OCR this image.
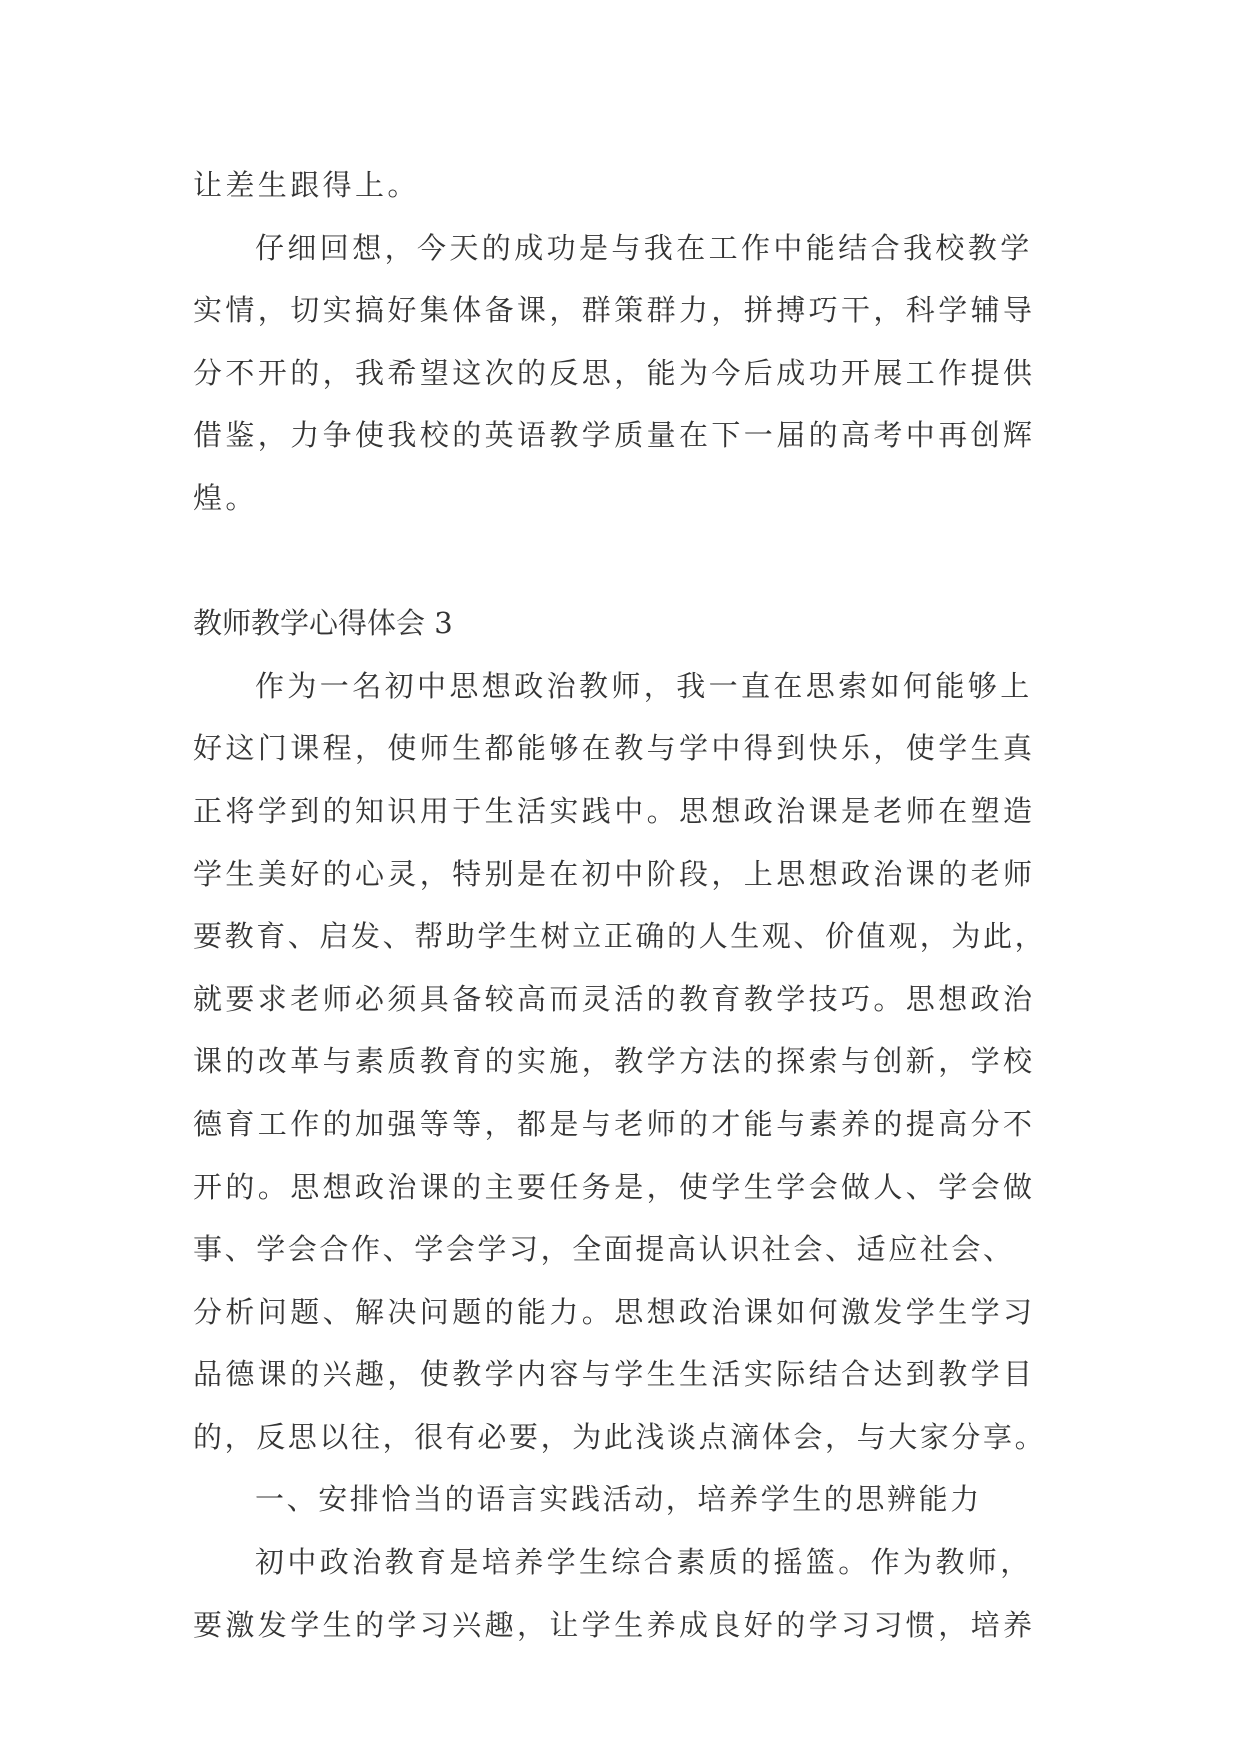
让差生跟得上。
仔细回想，今天的成功是与我在工作中能结合我校教学
实情，切实搞好集体备课，群策群力，拼搏巧干，科学辅导
分不开的，我希望这次的反思，能为今后成功开展工作提供
借鉴，力争使我校的英语教学质量在下一届的高考中再创辉
煌。
教师教学心得体会 3
作为一名初中思想政治教师，我一直在思索如何能够上
好这门课程，使师生都能够在教与学中得到快乐，使学生真
正将学到的知识用于生活实践中。思想政治课是老师在塑造
学生美好的心灵，特别是在初中阶段，上思想政治课的老师
要教育、启发、帮助学生树立正确的人生观、价值观，为此，
就要求老师必须具备较高而灵活的教育教学技巧。思想政治
课的改革与素质教育的实施，教学方法的探索与创新，学校
德育工作的加强等等，都是与老师的才能与素养的提高分不
开的。思想政治课的主要任务是，使学生学会做人、学会做
事、学会合作、学会学习，全面提高认识社会、适应社会、
分析问题、解决问题的能力。思想政治课如何激发学生学习
品德课的兴趣，使教学内容与学生生活实际结合达到教学目
的，反思以往，很有必要，为此浅谈点滴体会，与大家分享。
一、安排恰当的语言实践活动，培养学生的思辨能力
初中政治教育是培养学生综合素质的摇篮。作为教师，
要激发学生的学习兴趣，让学生养成良好的学习习惯，培养
